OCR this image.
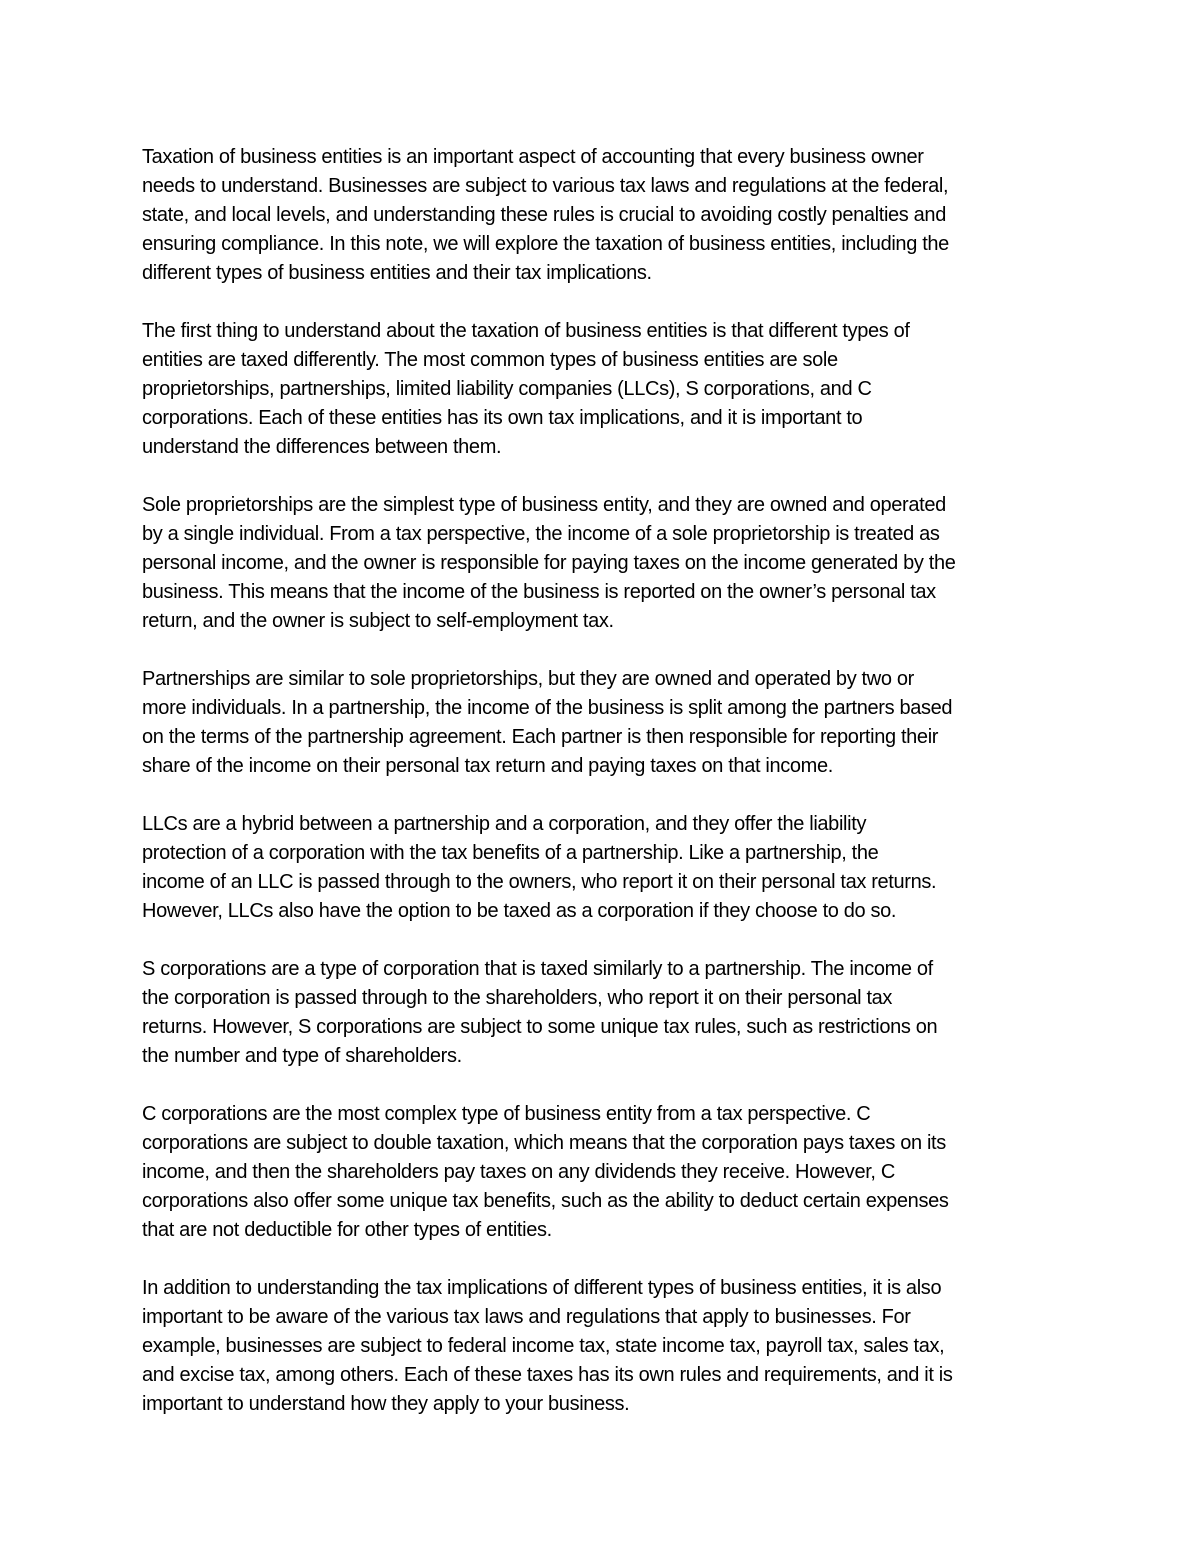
Taxation of business entities is an important aspect of accounting that every business owner
needs to understand. Businesses are subject to various tax laws and regulations at the federal,
state, and local levels, and understanding these rules is crucial to avoiding costly penalties and
ensuring compliance. In this note, we will explore the taxation of business entities, including the
different types of business entities and their tax implications.

The first thing to understand about the taxation of business entities is that different types of
entities are taxed differently. The most common types of business entities are sole
proprietorships, partnerships, limited liability companies (LLCs), S corporations, and C
corporations. Each of these entities has its own tax implications, and it is important to
understand the differences between them.

Sole proprietorships are the simplest type of business entity, and they are owned and operated
by a single individual. From a tax perspective, the income of a sole proprietorship is treated as
personal income, and the owner is responsible for paying taxes on the income generated by the
business. This means that the income of the business is reported on the owner’s personal tax
return, and the owner is subject to self-employment tax.

Partnerships are similar to sole proprietorships, but they are owned and operated by two or
more individuals. In a partnership, the income of the business is split among the partners based
on the terms of the partnership agreement. Each partner is then responsible for reporting their
share of the income on their personal tax return and paying taxes on that income.

LLCs are a hybrid between a partnership and a corporation, and they offer the liability
protection of a corporation with the tax benefits of a partnership. Like a partnership, the
income of an LLC is passed through to the owners, who report it on their personal tax returns.
However, LLCs also have the option to be taxed as a corporation if they choose to do so.

S corporations are a type of corporation that is taxed similarly to a partnership. The income of
the corporation is passed through to the shareholders, who report it on their personal tax
returns. However, S corporations are subject to some unique tax rules, such as restrictions on
the number and type of shareholders.

C corporations are the most complex type of business entity from a tax perspective. C
corporations are subject to double taxation, which means that the corporation pays taxes on its
income, and then the shareholders pay taxes on any dividends they receive. However, C
corporations also offer some unique tax benefits, such as the ability to deduct certain expenses
that are not deductible for other types of entities.

In addition to understanding the tax implications of different types of business entities, it is also
important to be aware of the various tax laws and regulations that apply to businesses. For
example, businesses are subject to federal income tax, state income tax, payroll tax, sales tax,
and excise tax, among others. Each of these taxes has its own rules and requirements, and it is
important to understand how they apply to your business.
